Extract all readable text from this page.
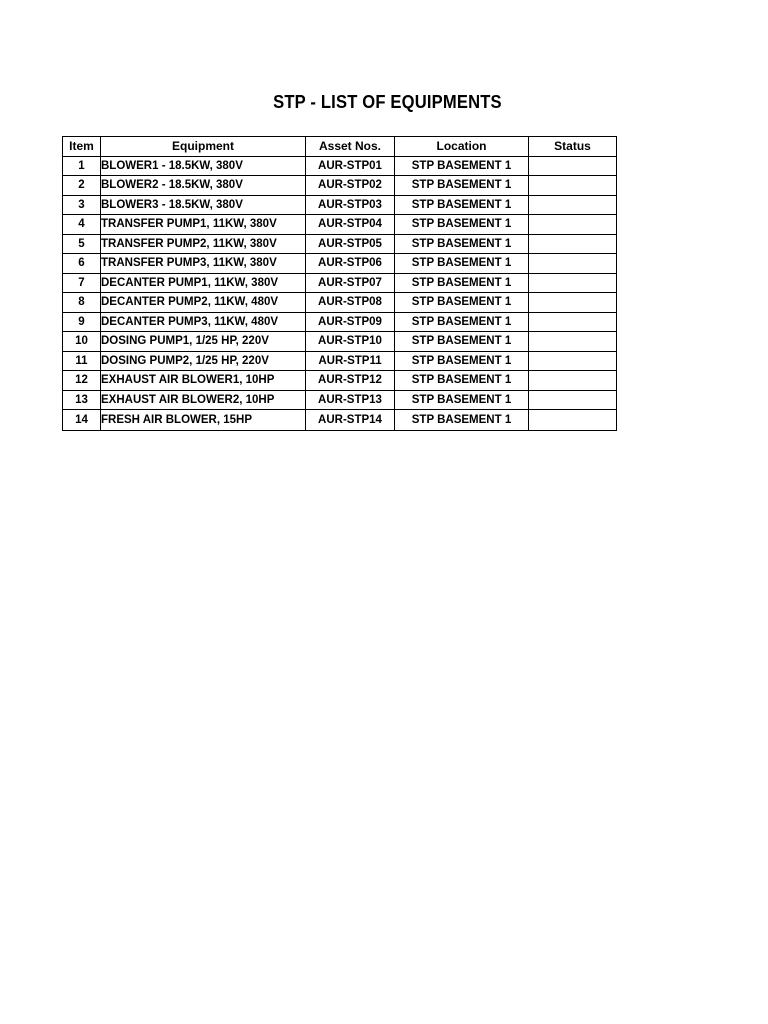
STP - LIST OF EQUIPMENTS
Item	Equipment	Asset Nos.	Location	Status
1	BLOWER1 - 18.5KW, 380V	AUR-STP01	STP BASEMENT 1	
2	BLOWER2 - 18.5KW, 380V	AUR-STP02	STP BASEMENT 1	
3	BLOWER3 - 18.5KW, 380V	AUR-STP03	STP BASEMENT 1	
4	TRANSFER PUMP1, 11KW, 380V	AUR-STP04	STP BASEMENT 1	
5	TRANSFER PUMP2, 11KW, 380V	AUR-STP05	STP BASEMENT 1	
6	TRANSFER PUMP3, 11KW, 380V	AUR-STP06	STP BASEMENT 1	
7	DECANTER PUMP1, 11KW, 380V	AUR-STP07	STP BASEMENT 1	
8	DECANTER PUMP2, 11KW, 480V	AUR-STP08	STP BASEMENT 1	
9	DECANTER PUMP3, 11KW, 480V	AUR-STP09	STP BASEMENT 1	
10	DOSING PUMP1, 1/25 HP, 220V	AUR-STP10	STP BASEMENT 1	
11	DOSING PUMP2, 1/25 HP, 220V	AUR-STP11	STP BASEMENT 1	
12	EXHAUST AIR BLOWER1, 10HP	AUR-STP12	STP BASEMENT 1	
13	EXHAUST AIR BLOWER2, 10HP	AUR-STP13	STP BASEMENT 1	
14	FRESH AIR BLOWER, 15HP	AUR-STP14	STP BASEMENT 1	
